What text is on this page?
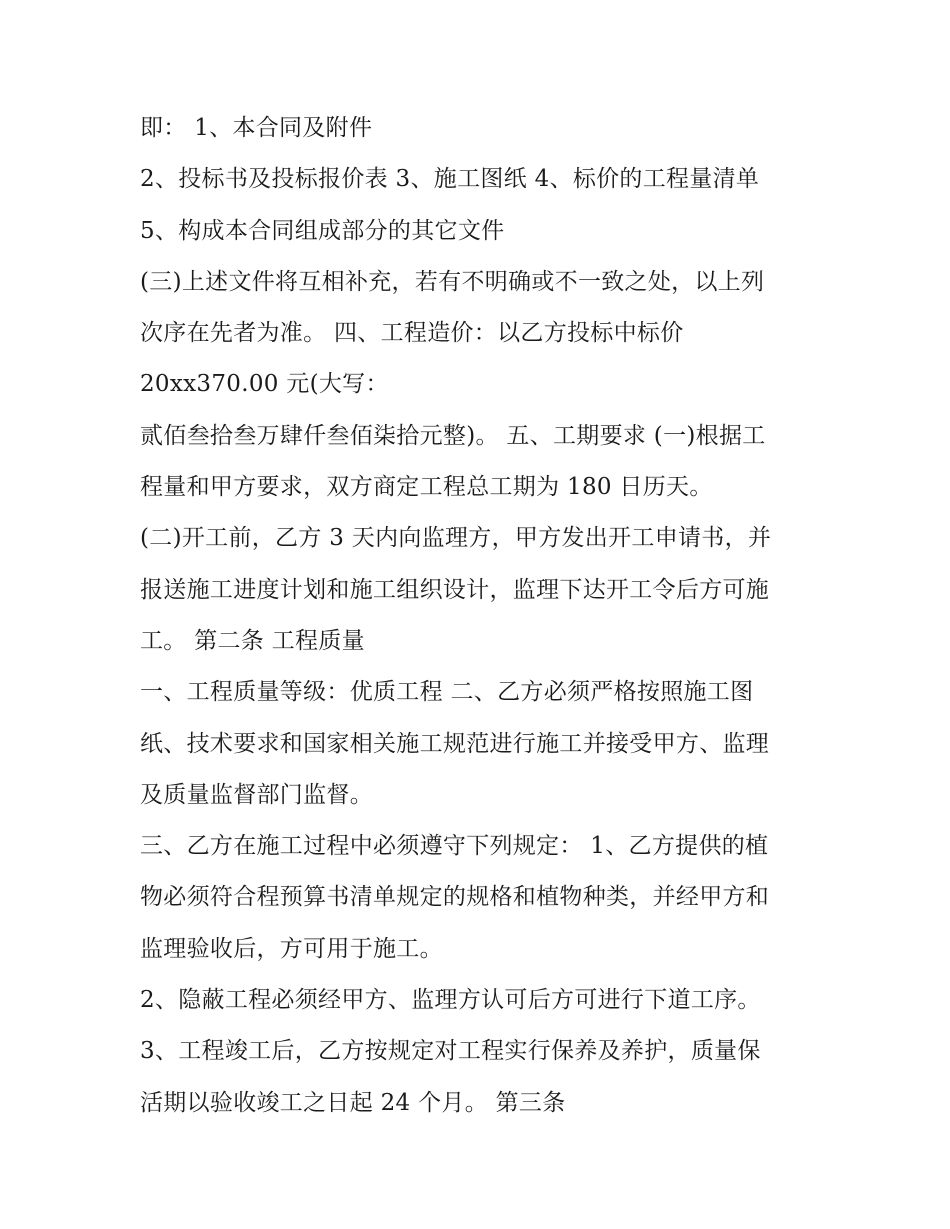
即： 1、本合同及附件
2、投标书及投标报价表 3、施工图纸 4、标价的工程量清单
5、构成本合同组成部分的其它文件
(三)上述文件将互相补充，若有不明确或不一致之处，以上列
次序在先者为准。 四、工程造价：以乙方投标中标价
20xx370.00 元(大写：
贰佰叁拾叁万肆仟叁佰柒拾元整)。 五、工期要求 (一)根据工
程量和甲方要求，双方商定工程总工期为 180 日历天。
(二)开工前，乙方 3 天内向监理方，甲方发出开工申请书，并
报送施工进度计划和施工组织设计，监理下达开工令后方可施
工。 第二条 工程质量
一、工程质量等级：优质工程 二、乙方必须严格按照施工图
纸、技术要求和国家相关施工规范进行施工并接受甲方、监理
及质量监督部门监督。
三、乙方在施工过程中必须遵守下列规定： 1、乙方提供的植
物必须符合程预算书清单规定的规格和植物种类，并经甲方和
监理验收后，方可用于施工。
2、隐蔽工程必须经甲方、监理方认可后方可进行下道工序。
3、工程竣工后，乙方按规定对工程实行保养及养护，质量保
活期以验收竣工之日起 24 个月。 第三条
